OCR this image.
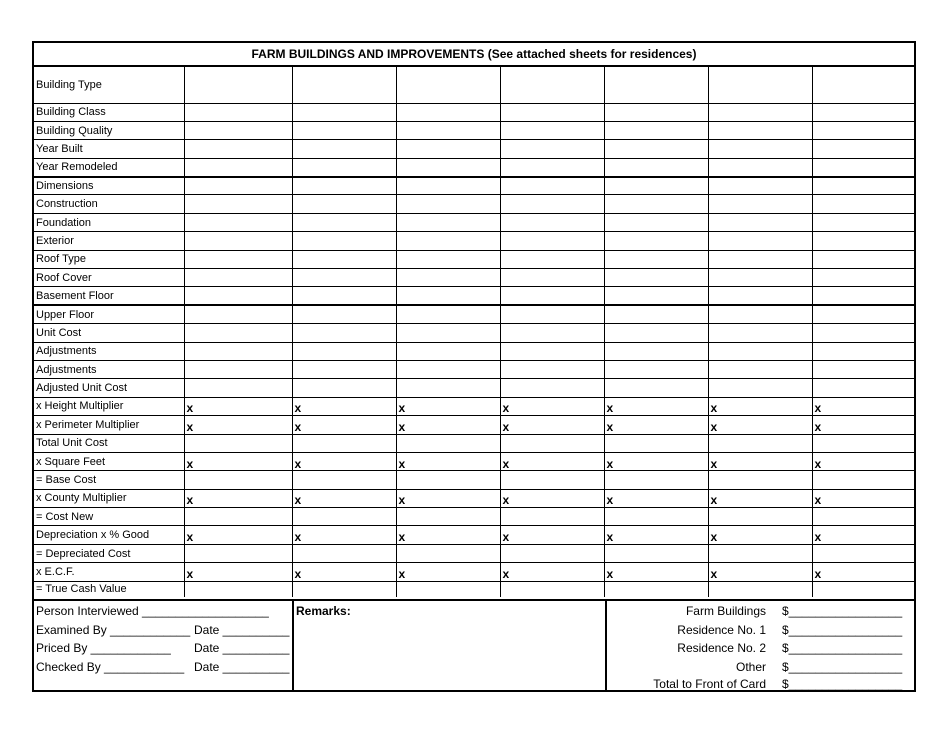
FARM BUILDINGS AND IMPROVEMENTS (See attached sheets for residences)
Building Type							
Building Class							
Building Quality							
Year Built							
Year Remodeled							
Dimensions							
Construction							
Foundation							
Exterior							
Roof Type							
Roof Cover							
Basement Floor							
Upper Floor							
Unit Cost							
Adjustments							
Adjustments							
Adjusted Unit Cost							
x Height Multiplier	x	x	x	x	x	x	x
x Perimeter Multiplier	x	x	x	x	x	x	x
Total Unit Cost							
x Square Feet	x	x	x	x	x	x	x
= Base Cost							
x County Multiplier	x	x	x	x	x	x	x
= Cost New							
Depreciation x % Good	x	x	x	x	x	x	x
= Depreciated Cost							
x E.C.F.	x	x	x	x	x	x	x
= True Cash Value							
Person Interviewed ___________________
Examined By ____________ Date __________
Priced By ____________ Date __________
Checked By ____________ Date __________
Remarks:	Farm Buildings $_________________
Residence No. 1 $_________________
Residence No. 2 $_________________
Other $_________________
Total to Front of Card $_________________
